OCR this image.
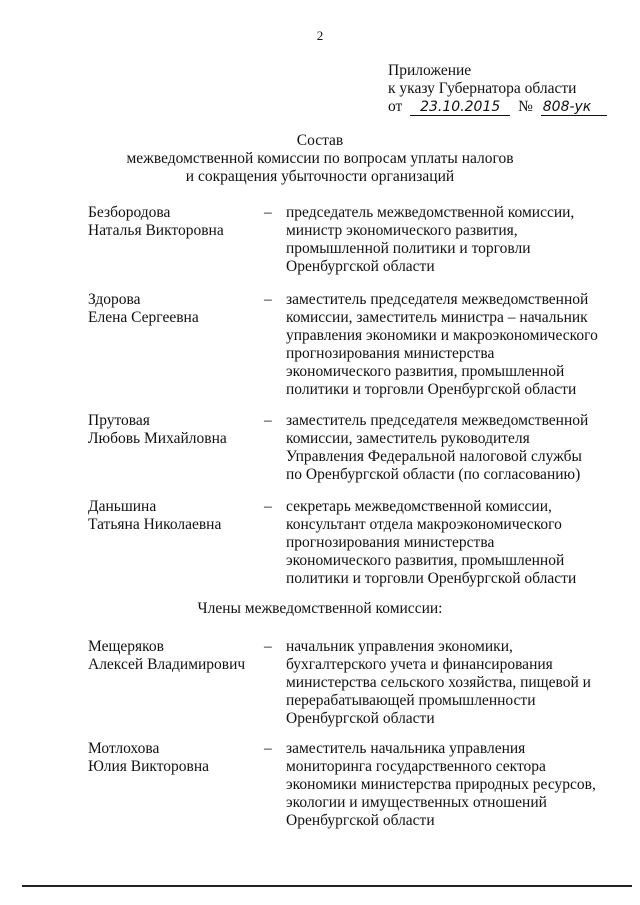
2
Приложение
к указу Губернатора области
от 23.10.2015 № 808-ук
Состав
межведомственной комиссии по вопросам уплаты налогов
и сокращения убыточности организаций
Безбородова
Наталья Викторовна
– председатель межведомственной комиссии,
министр экономического развития,
промышленной политики и торговли
Оренбургской области
Здорова
Елена Сергеевна
– заместитель председателя межведомственной
комиссии, заместитель министра – начальник
управления экономики и макроэкономического
прогнозирования министерства
экономического развития, промышленной
политики и торговли Оренбургской области
Прутовая
Любовь Михайловна
– заместитель председателя межведомственной
комиссии, заместитель руководителя
Управления Федеральной налоговой службы
по Оренбургской области (по согласованию)
Даньшина
Татьяна Николаевна
– секретарь межведомственной комиссии,
консультант отдела макроэкономического
прогнозирования министерства
экономического развития, промышленной
политики и торговли Оренбургской области
Члены межведомственной комиссии:
Мещеряков
Алексей Владимирович
– начальник управления экономики,
бухгалтерского учета и финансирования
министерства сельского хозяйства, пищевой и
перерабатывающей промышленности
Оренбургской области
Мотлохова
Юлия Викторовна
– заместитель начальника управления
мониторинга государственного сектора
экономики министерства природных ресурсов,
экологии и имущественных отношений
Оренбургской области
